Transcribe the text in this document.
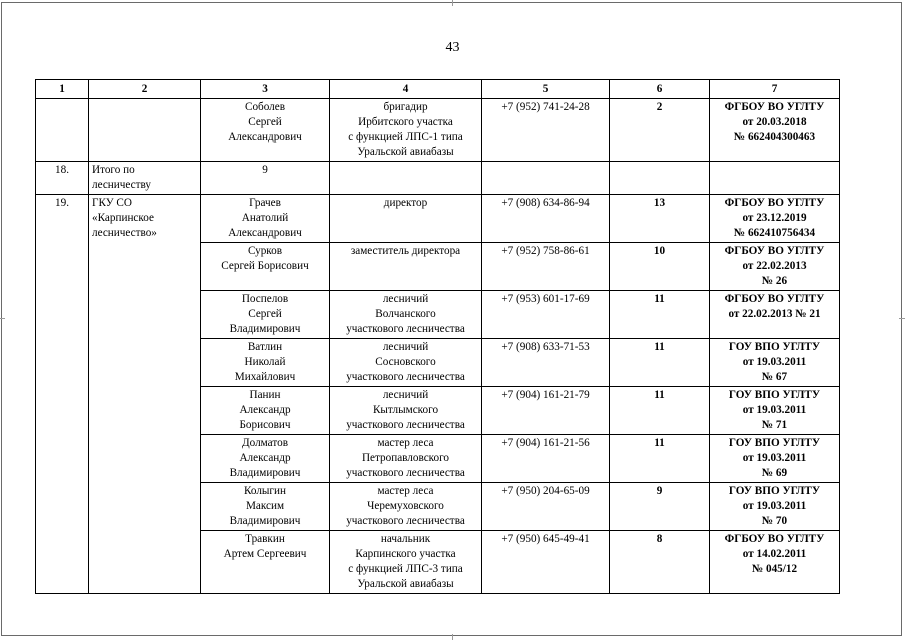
43
1	2	3	4	5	6	7

		Соболев
Сергей
Александрович	бригадир
Ирбитского участка
с функцией ЛПС-1 типа
Уральской авиабазы	+7 (952) 741-24-28	2	ФГБОУ ВО УГЛТУ
от 20.03.2018
№ 662404300463

18.	Итого по
лесничеству	9				

19.	ГКУ СО
«Карпинское
лесничество»	Грачев
Анатолий
Александрович	директор	+7 (908) 634-86-94	13	ФГБОУ ВО УГЛТУ
от 23.12.2019
№ 662410756434

		Сурков
Сергей Борисович	заместитель директора	+7 (952) 758-86-61	10	ФГБОУ ВО УГЛТУ
от 22.02.2013
№ 26

		Поспелов
Сергей
Владимирович	лесничий
Волчанского
участкового лесничества	+7 (953) 601-17-69	11	ФГБОУ ВО УГЛТУ
от 22.02.2013 № 21

		Ватлин
Николай
Михайлович	лесничий
Сосновского
участкового лесничества	+7 (908) 633-71-53	11	ГОУ ВПО УГЛТУ
от 19.03.2011
№ 67

		Панин
Александр
Борисович	лесничий
Кытлымского
участкового лесничества	+7 (904) 161-21-79	11	ГОУ ВПО УГЛТУ
от 19.03.2011
№ 71

		Долматов
Александр
Владимирович	мастер леса
Петропавловского
участкового лесничества	+7 (904) 161-21-56	11	ГОУ ВПО УГЛТУ
от 19.03.2011
№ 69

		Колыгин
Максим
Владимирович	мастер леса
Черемуховского
участкового лесничества	+7 (950) 204-65-09	9	ГОУ ВПО УГЛТУ
от 19.03.2011
№ 70

		Травкин
Артем Сергеевич	начальник
Карпинского участка
с функцией ЛПС-3 типа
Уральской авиабазы	+7 (950) 645-49-41	8	ФГБОУ ВО УГЛТУ
от 14.02.2011
№ 045/12
